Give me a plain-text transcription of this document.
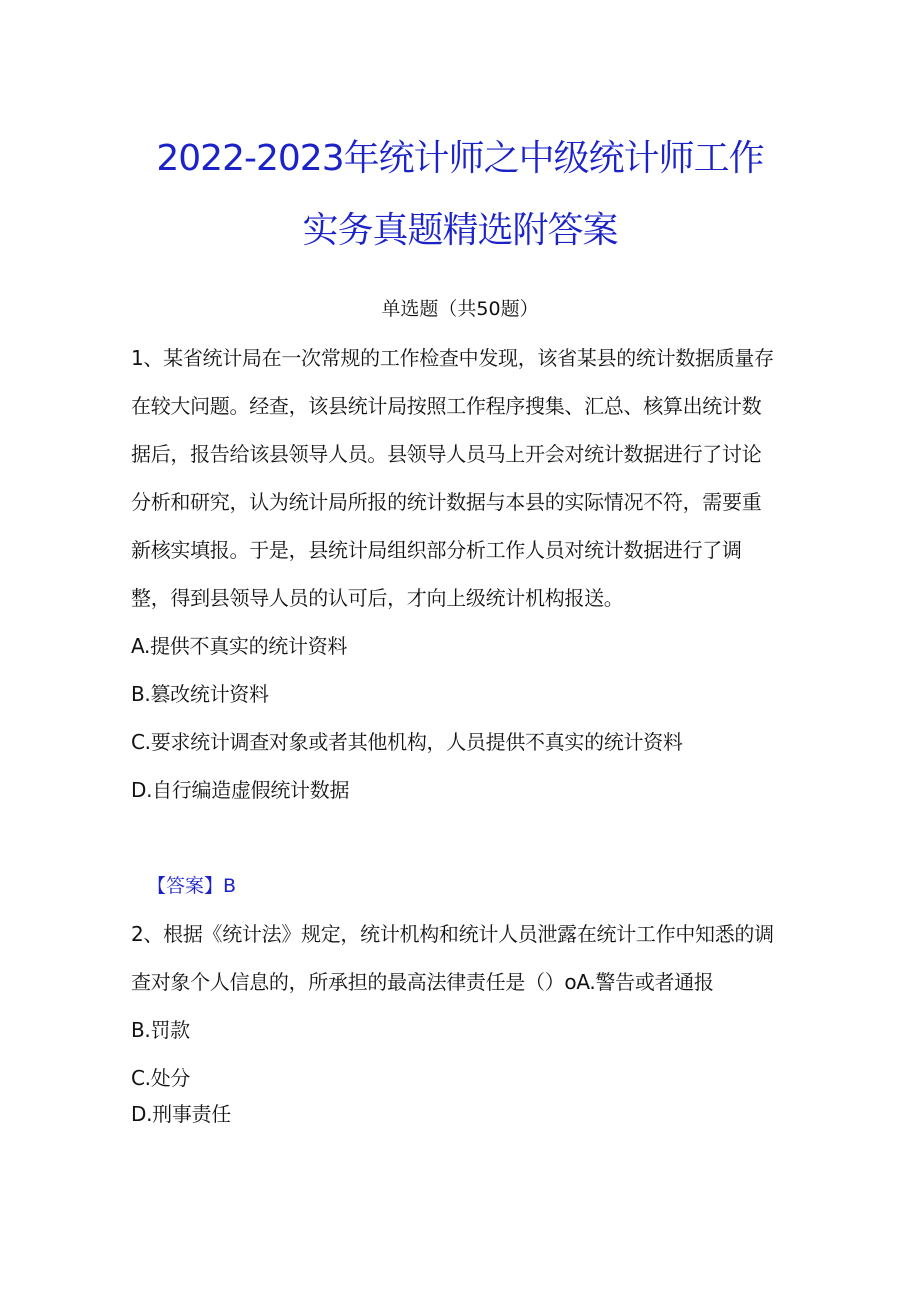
2022-2023年统计师之中级统计师工作
实务真题精选附答案
单选题（共50题）
1、某省统计局在一次常规的工作检查中发现，该省某县的统计数据质量存
在较大问题。经查，该县统计局按照工作程序搜集、汇总、核算出统计数
据后，报告给该县领导人员。县领导人员马上开会对统计数据进行了讨论
分析和研究，认为统计局所报的统计数据与本县的实际情况不符，需要重
新核实填报。于是，县统计局组织部分析工作人员对统计数据进行了调
整，得到县领导人员的认可后，才向上级统计机构报送。
A.提供不真实的统计资料
B.篡改统计资料
C.要求统计调查对象或者其他机构，人员提供不真实的统计资料
D.自行编造虚假统计数据
【答案】B
2、根据《统计法》规定，统计机构和统计人员泄露在统计工作中知悉的调
查对象个人信息的，所承担的最高法律责任是（）oA.警告或者通报
B.罚款
C.处分
D.刑事责任
